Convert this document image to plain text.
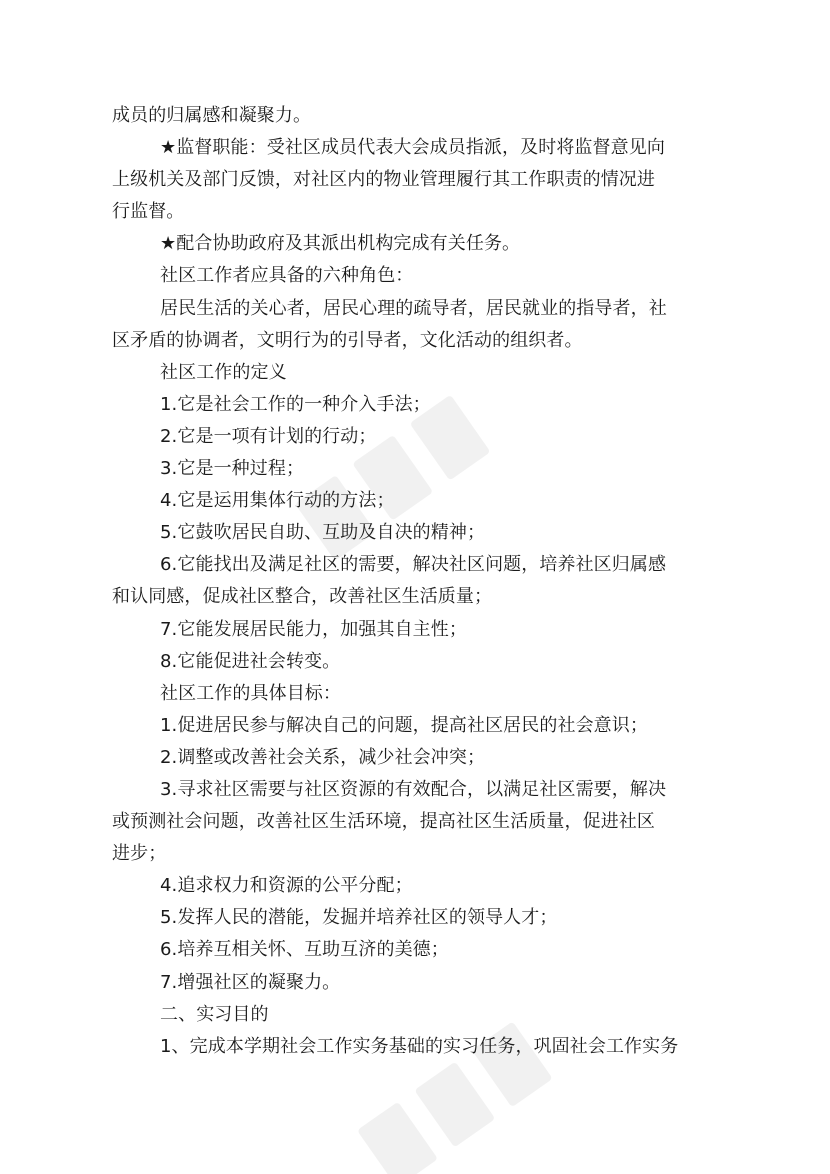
成员的归属感和凝聚力。
★监督职能：受社区成员代表大会成员指派，及时将监督意见向
上级机关及部门反馈，对社区内的物业管理履行其工作职责的情况进
行监督。
★配合协助政府及其派出机构完成有关任务。
社区工作者应具备的六种角色：
居民生活的关心者，居民心理的疏导者，居民就业的指导者，社
区矛盾的协调者，文明行为的引导者，文化活动的组织者。
社区工作的定义
1.它是社会工作的一种介入手法；
2.它是一项有计划的行动；
3.它是一种过程；
4.它是运用集体行动的方法；
5.它鼓吹居民自助、互助及自决的精神；
6.它能找出及满足社区的需要，解决社区问题，培养社区归属感
和认同感，促成社区整合，改善社区生活质量；
7.它能发展居民能力，加强其自主性；
8.它能促进社会转变。
社区工作的具体目标：
1.促进居民参与解决自己的问题，提高社区居民的社会意识；
2.调整或改善社会关系，减少社会冲突；
3.寻求社区需要与社区资源的有效配合，以满足社区需要，解决
或预测社会问题，改善社区生活环境，提高社区生活质量，促进社区
进步；
4.追求权力和资源的公平分配；
5.发挥人民的潜能，发掘并培养社区的领导人才；
6.培养互相关怀、互助互济的美德；
7.增强社区的凝聚力。
二、实习目的
1、完成本学期社会工作实务基础的实习任务，巩固社会工作实务
